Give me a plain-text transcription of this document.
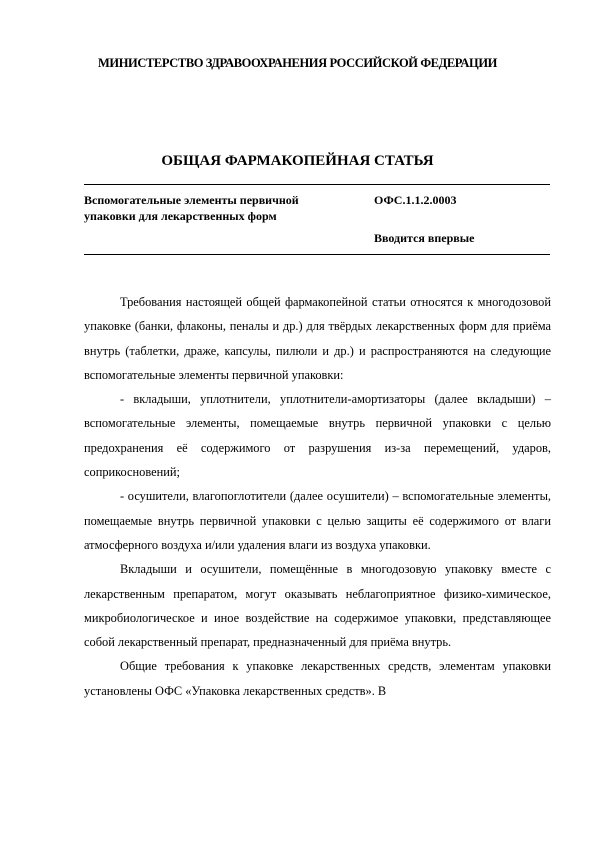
МИНИСТЕРСТВО ЗДРАВООХРАНЕНИЯ РОССИЙСКОЙ ФЕДЕРАЦИИ
ОБЩАЯ ФАРМАКОПЕЙНАЯ СТАТЬЯ
Вспомогательные элементы первичной
упаковки для лекарственных форм
ОФС.1.1.2.0003
Вводится впервые

Требования настоящей общей фармакопейной статьи относятся к многодозовой упаковке (банки, флаконы, пеналы и др.) для твёрдых лекарственных форм для приёма внутрь (таблетки, драже, капсулы, пилюли и др.) и распространяются на следующие вспомогательные элементы первичной упаковки:

- вкладыши, уплотнители, уплотнители-амортизаторы (далее вкладыши) – вспомогательные элементы, помещаемые внутрь первичной упаковки с целью предохранения её содержимого от разрушения из-за перемещений, ударов, соприкосновений;

- осушители, влагопоглотители (далее осушители) – вспомогательные элементы, помещаемые внутрь первичной упаковки с целью защиты её содержимого от влаги атмосферного воздуха и/или удаления влаги из воздуха упаковки.

Вкладыши и осушители, помещённые в многодозовую упаковку вместе с лекарственным препаратом, могут оказывать неблагоприятное физико-химическое, микробиологическое и иное воздействие на содержимое упаковки, представляющее собой лекарственный препарат, предназначенный для приёма внутрь.

Общие требования к упаковке лекарственных средств, элементам упаковки установлены ОФС «Упаковка лекарственных средств». В
